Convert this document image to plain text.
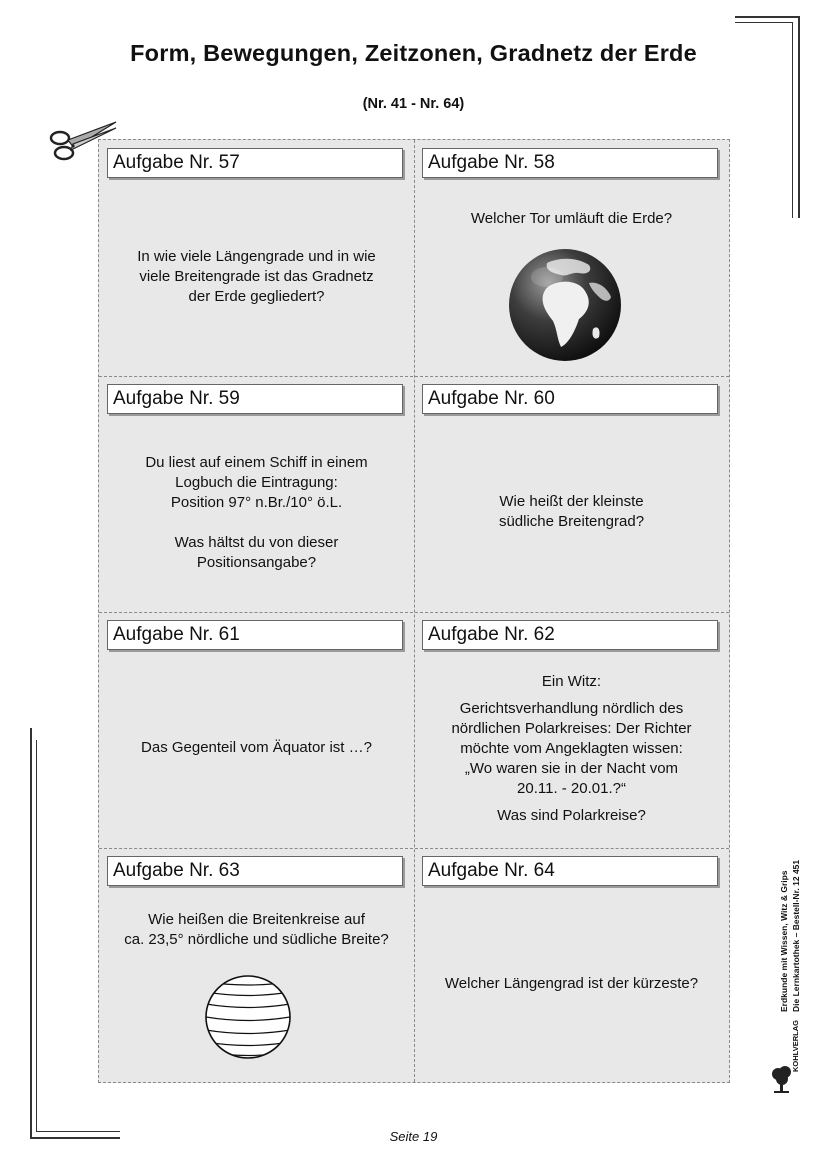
Form, Bewegungen, Zeitzonen, Gradnetz der Erde
(Nr. 41 - Nr. 64)
Aufgabe Nr. 57

In wie viele Längengrade und in wie

viele Breitengrade ist das Gradnetz

der Erde gegliedert?

Aufgabe Nr. 58

Welcher Tor umläuft die Erde?

Aufgabe Nr. 59

Du liest auf einem Schiff in einem

Logbuch die Eintragung:

Position 97° n.Br./10° ö.L.

Was hältst du von dieser

Positionsangabe?

Aufgabe Nr. 60

Wie heißt der kleinste

südliche Breitengrad?

Aufgabe Nr. 61

Das Gegenteil vom Äquator ist …?

Aufgabe Nr. 62

Ein Witz:

Gerichtsverhandlung nördlich des

nördlichen Polarkreises: Der Richter

möchte vom Angeklagten wissen:

„Wo waren sie in der Nacht vom

20.11. - 20.01.?“

Was sind Polarkreise?

Aufgabe Nr. 63

Wie heißen die Breitenkreise auf

ca. 23,5° nördliche und südliche Breite?

Aufgabe Nr. 64

Welcher Längengrad ist der kürzeste?	Erdkunde mit Wissen, Witz & Grips Die Lernkartothek – Bestell-Nr. 12 451
KOHLVERLAG
Seite 19
